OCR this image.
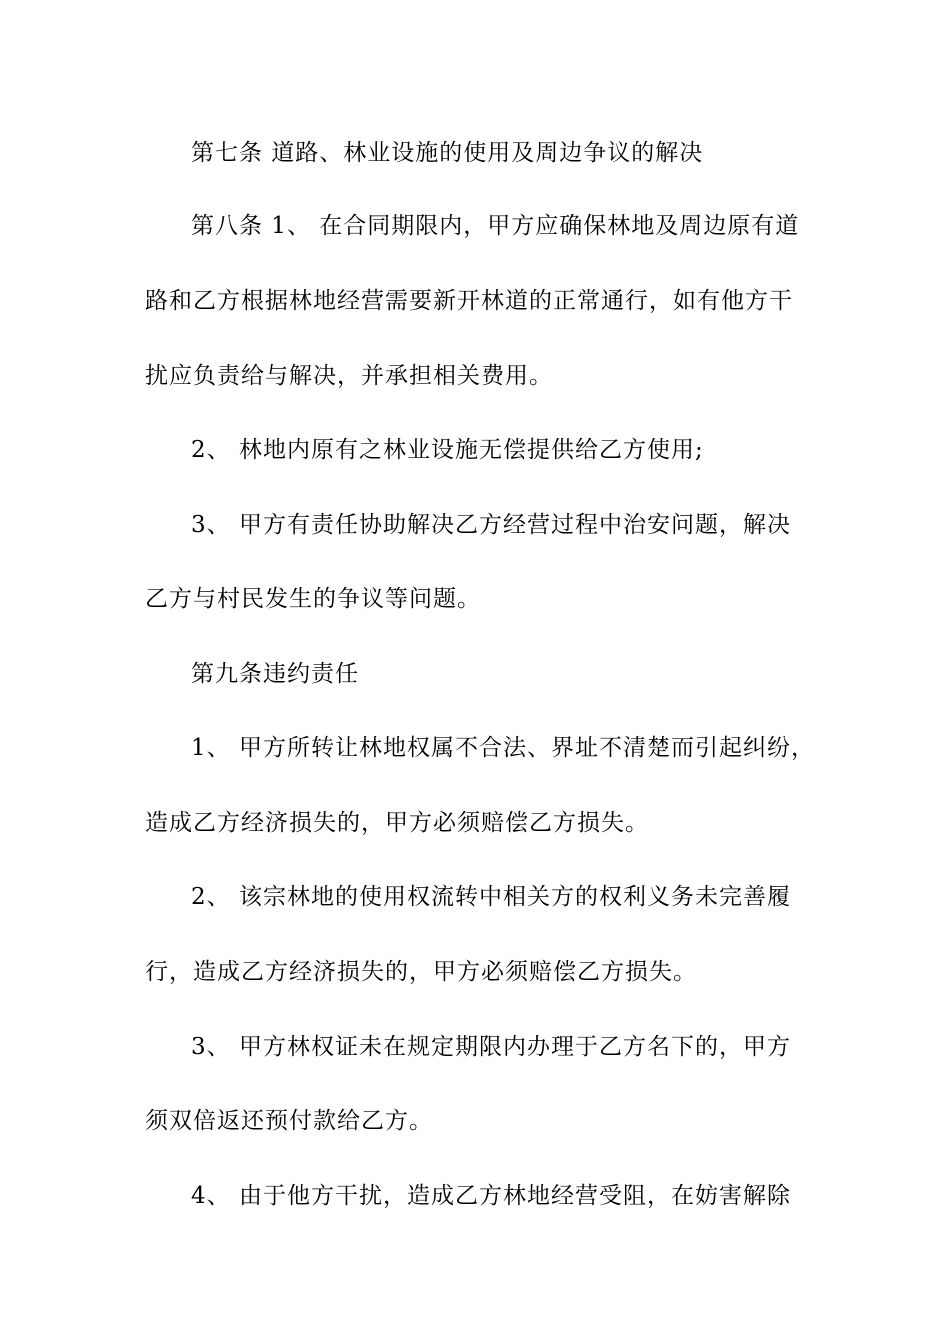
第七条 道路、林业设施的使用及周边争议的解决
第八条 1、 在合同期限内，甲方应确保林地及周边原有道
路和乙方根据林地经营需要新开林道的正常通行，如有他方干
扰应负责给与解决，并承担相关费用。
2、 林地内原有之林业设施无偿提供给乙方使用;
3、 甲方有责任协助解决乙方经营过程中治安问题，解决
乙方与村民发生的争议等问题。
第九条违约责任
1、 甲方所转让林地权属不合法、界址不清楚而引起纠纷，
造成乙方经济损失的，甲方必须赔偿乙方损失。
2、 该宗林地的使用权流转中相关方的权利义务未完善履
行，造成乙方经济损失的，甲方必须赔偿乙方损失。
3、 甲方林权证未在规定期限内办理于乙方名下的，甲方
须双倍返还预付款给乙方。
4、 由于他方干扰，造成乙方林地经营受阻，在妨害解除
